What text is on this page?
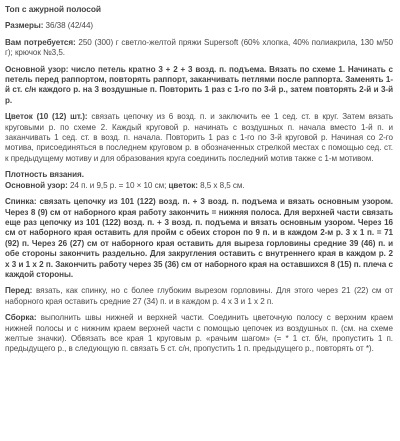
Топ с ажурной полосой

Размеры: 36/38 (42/44)

Вам потребуется: 250 (300) г светло-желтой пряжи Supersoft (60% хлопка, 40% полиакрила, 130 м/50 г); крючок №3,5.

Основной узор: число петель кратно 3 + 2 + 3 возд. п. подъема. Вязать по схеме 1. Начинать с петель перед раппортом, повторять раппорт, заканчивать петлями после раппорта. Заменять 1-й ст. с/н каждого р. на 3 воздушные п. Повторить 1 раз с 1-го по 3-й р., затем повторять 2-й и 3-й р.

Цветок (10 (12) шт.): связать цепочку из 6 возд. п. и заключить ее 1 сед. ст. в круг. Затем вязать круговыми р. по схеме 2. Каждый круговой р. начинать с воздушных п. начала вместо 1-й п. и заканчивать 1 сед. ст. в возд. п. начала. Повторить 1 раз с 1-го по 3-й круговой р. Начиная со 2-го мотива, присоединяться в последнем круговом р. в обозначенных стрелкой местах с помощью сед. ст. к предыдущему мотиву и для образования круга соединить последний мотив также с 1-м мотивом.

Плотность вязания.

Основной узор: 24 п. и 9,5 р. = 10 × 10 см; цветок: 8,5 х 8,5 см.

Спинка: связать цепочку из 101 (122) возд. п. + 3 возд. п. подъема и вязать основным узором. Через 8 (9) см от наборного края работу закончить = нижняя полоса. Для верхней части связать еще раз цепочку из 101 (122) возд. п. + 3 возд. п. подъема и вязать основным узором. Через 16 см от наборного края оставить для пройм с обеих сторон по 9 п. и в каждом 2-м р. 3 х 1 п. = 71 (92) п. Через 26 (27) см от наборного края оставить для выреза горловины средние 39 (46) п. и обе стороны закончить раздельно. Для закругления оставить с внутреннего края в каждом р. 2 х 3 и 1 х 2 п. Закончить работу через 35 (36) см от наборного края на оставшихся 8 (15) п. плеча с каждой стороны.

Перед: вязать, как спинку, но с более глубоким вырезом горловины. Для этого через 21 (22) см от наборного края оставить средние 27 (34) п. и в каждом р. 4 х 3 и 1 х 2 п.

Сборка: выполнить швы нижней и верхней части. Соединить цветочную полосу с верхним краем нижней полосы и с нижним краем верхней части с помощью цепочек из воздушных п. (см. на схеме желтые значки). Обвязать все края 1 круговым р. «рачьим шагом» (= * 1 ст. б/н, пропустить 1 п. предыдущего р., в следующую п. связать 5 ст. с/н, пропустить 1 п. предыдущего р., повторять от *).
